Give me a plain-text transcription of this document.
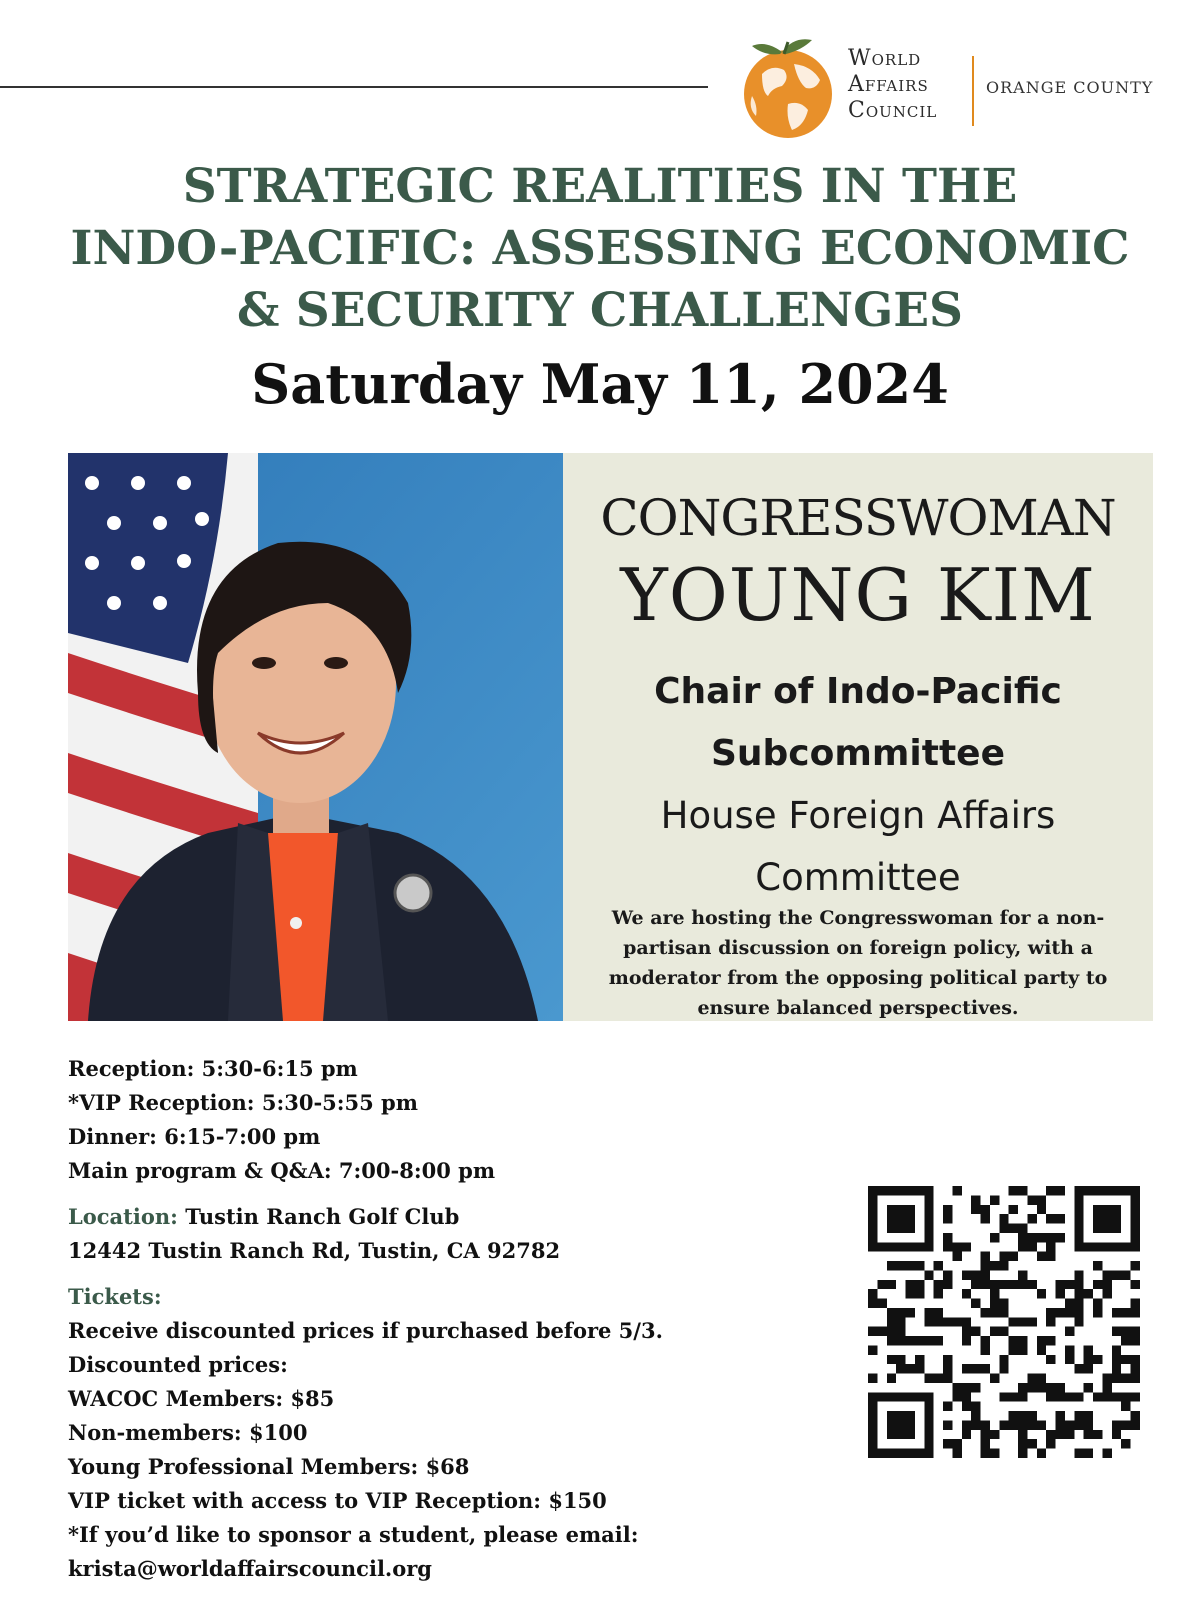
World
Affairs
Council
ORANGE COUNTY
STRATEGIC REALITIES IN THE
INDO-PACIFIC: ASSESSING ECONOMIC
& SECURITY CHALLENGES
Saturday May 11, 2024
CONGRESSWOMAN
YOUNG KIM
Chair of Indo-Pacific
Subcommittee
House Foreign Affairs
Committee
We are hosting the Congresswoman for a non-partisan discussion on foreign policy, with a moderator from the opposing political party to ensure balanced perspectives.

Reception: 5:30-6:15 pm

*VIP Reception: 5:30-5:55 pm

Dinner: 6:15-7:00 pm

Main program & Q&A: 7:00-8:00 pm

Location: Tustin Ranch Golf Club

12442 Tustin Ranch Rd, Tustin, CA 92782

Tickets:

Receive discounted prices if purchased before 5/3.

Discounted prices:

WACOC Members: $85

Non-members: $100

Young Professional Members: $68

VIP ticket with access to VIP Reception: $150

*If you’d like to sponsor a student, please email:

krista@worldaffairscouncil.org
